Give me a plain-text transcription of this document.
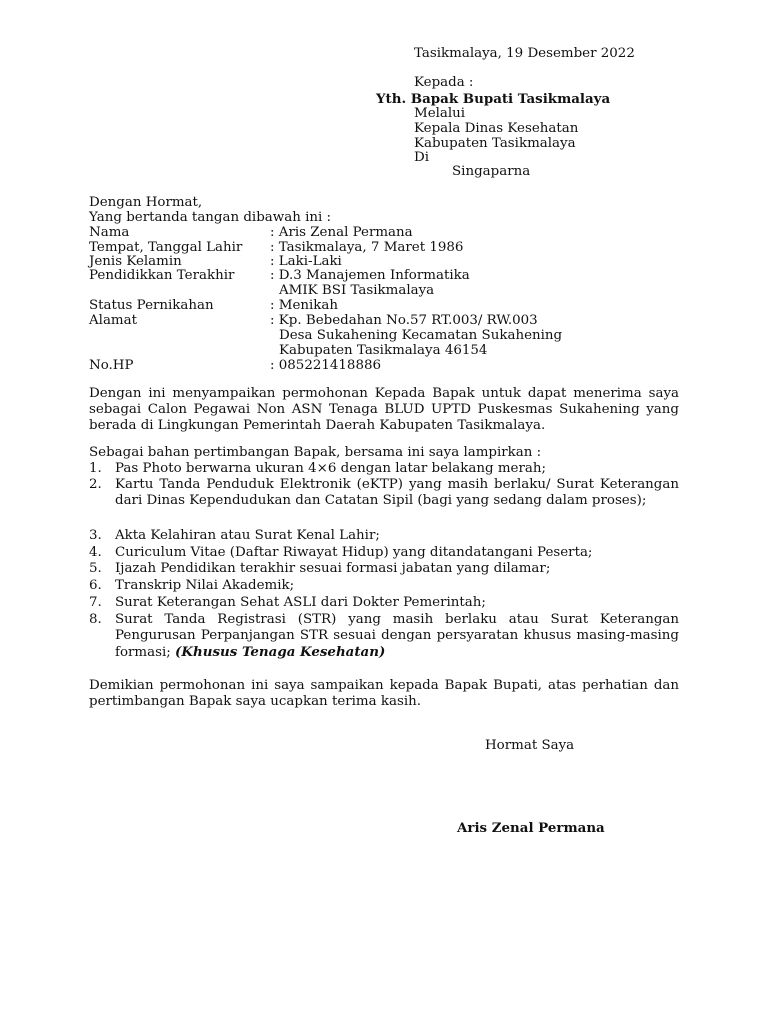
Tasikmalaya, 19 Desember 2022
Kepada :
Yth. Bapak Bupati Tasikmalaya
Melalui
Kepala Dinas Kesehatan
Kabupaten Tasikmalaya
Di
Singaparna
Dengan Hormat,
Yang bertanda tangan dibawah ini :
Nama	: Aris Zenal Permana
Tempat, Tanggal Lahir : Tasikmalaya, 7 Maret 1986
Jenis Kelamin	: Laki-Laki
Pendidikkan Terakhir	: D.3 Manajemen Informatika
AMIK BSI Tasikmalaya
Status Pernikahan	: Menikah
Alamat	: Kp. Bebedahan No.57 RT.003/ RW.003
Desa Sukahening Kecamatan Sukahening
Kabupaten Tasikmalaya 46154
No.HP	: 085221418886
Dengan ini menyampaikan permohonan Kepada Bapak untuk dapat menerima saya sebagai Calon Pegawai Non ASN Tenaga BLUD UPTD Puskesmas Sukahening yang berada di Lingkungan Pemerintah Daerah Kabupaten Tasikmalaya.
Sebagai bahan pertimbangan Bapak, bersama ini saya lampirkan :
1. Pas Photo berwarna ukuran 4×6 dengan latar belakang merah;
2. Kartu Tanda Penduduk Elektronik (eKTP) yang masih berlaku/ Surat Keterangan dari Dinas Kependudukan dan Catatan Sipil (bagi yang sedang dalam proses);
3. Akta Kelahiran atau Surat Kenal Lahir;
4. Curiculum Vitae (Daftar Riwayat Hidup) yang ditandatangani Peserta;
5. Ijazah Pendidikan terakhir sesuai formasi jabatan yang dilamar;
6. Transkrip Nilai Akademik;
7. Surat Keterangan Sehat ASLI dari Dokter Pemerintah;
8. Surat Tanda Registrasi (STR) yang masih berlaku atau Surat Keterangan Pengurusan Perpanjangan STR sesuai dengan persyaratan khusus masing-masing formasi; (Khusus Tenaga Kesehatan)
Demikian permohonan ini saya sampaikan kepada Bapak Bupati, atas perhatian dan pertimbangan Bapak saya ucapkan terima kasih.
Hormat Saya
Aris Zenal Permana
